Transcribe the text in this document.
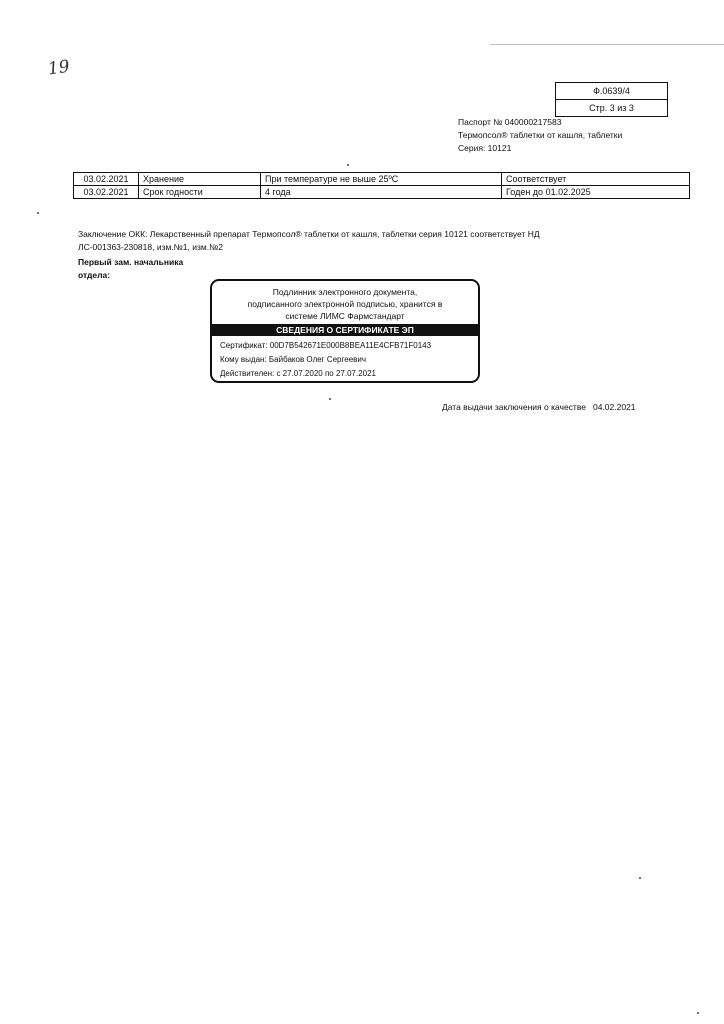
19
Ф.0639/4
Стр. 3 из 3
Паспорт № 040000217583
Термопсол® таблетки от кашля, таблетки
Серия: 10121
03.02.2021	Хранение	При температуре не выше 25ºС	Соответствует
03.02.2021	Срок годности	4 года	Годен до 01.02.2025
Заключение ОКК: Лекарственный препарат Термопсол® таблетки от кашля, таблетки серия 10121 соответствует НД
ЛС-001363-230818, изм.№1, изм.№2
Первый зам. начальника
отдела:
Подлинник электронного документа,
подписанного электронной подписью, хранится в
системе ЛИМС Фармстандарт
СВЕДЕНИЯ О СЕРТИФИКАТЕ ЭП
Сертификат: 00D7B542671E000B8BEA11E4CFB71F0143
Кому выдан: Байбаков Олег Сергеевич
Действителен: с 27.07.2020 по 27.07.2021
Дата выдачи заключения о качестве 04.02.2021
